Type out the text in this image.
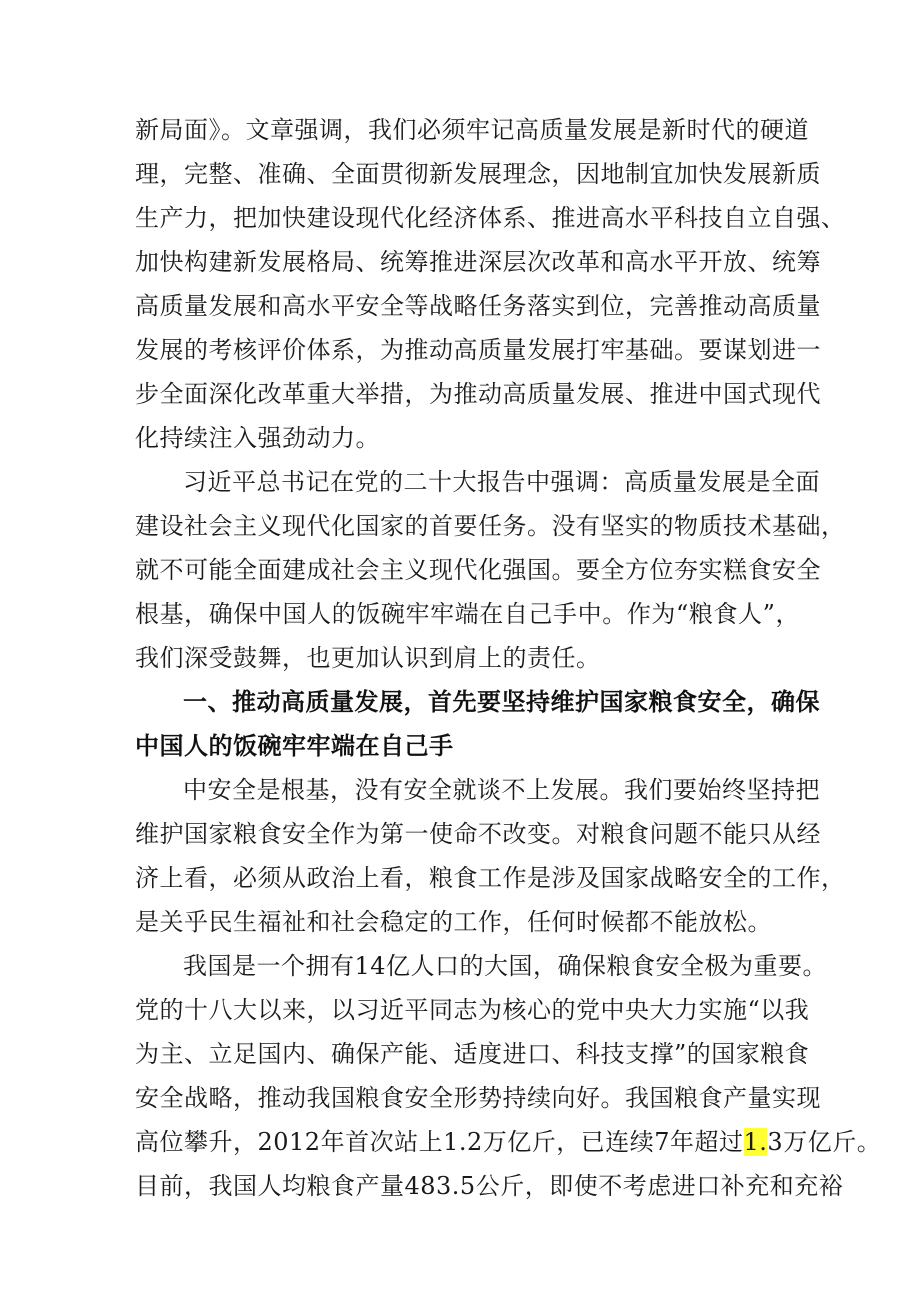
新局面》。文章强调，我们必须牢记高质量发展是新时代的硬道
理，完整、准确、全面贯彻新发展理念，因地制宜加快发展新质
生产力，把加快建设现代化经济体系、推进高水平科技自立自强、
加快构建新发展格局、统筹推进深层次改革和高水平开放、统筹
高质量发展和高水平安全等战略任务落实到位，完善推动高质量
发展的考核评价体系，为推动高质量发展打牢基础。要谋划进一
步全面深化改革重大举措，为推动高质量发展、推进中国式现代
化持续注入强劲动力。
习近平总书记在党的二十大报告中强调：高质量发展是全面
建设社会主义现代化国家的首要任务。没有坚实的物质技术基础，
就不可能全面建成社会主义现代化强国。要全方位夯实糕食安全
根基，确保中国人的饭碗牢牢端在自己手中。作为“粮食人”，
我们深受鼓舞，也更加认识到肩上的责任。
一、推动高质量发展，首先要坚持维护国家粮食安全，确保
中国人的饭碗牢牢端在自己手
中安全是根基，没有安全就谈不上发展。我们要始终坚持把
维护国家粮食安全作为第一使命不改变。对粮食问题不能只从经
济上看，必须从政治上看，粮食工作是涉及国家战略安全的工作，
是关乎民生福祉和社会稳定的工作，任何时候都不能放松。
我国是一个拥有14亿人口的大国，确保粮食安全极为重要。
党的十八大以来，以习近平同志为核心的党中央大力实施“以我
为主、立足国内、确保产能、适度进口、科技支撑”的国家粮食
安全战略，推动我国粮食安全形势持续向好。我国粮食产量实现
高位攀升，2012年首次站上1.2万亿斤，已连续7年超过1.3万亿斤。
目前，我国人均粮食产量483.5公斤，即使不考虑进口补充和充裕
